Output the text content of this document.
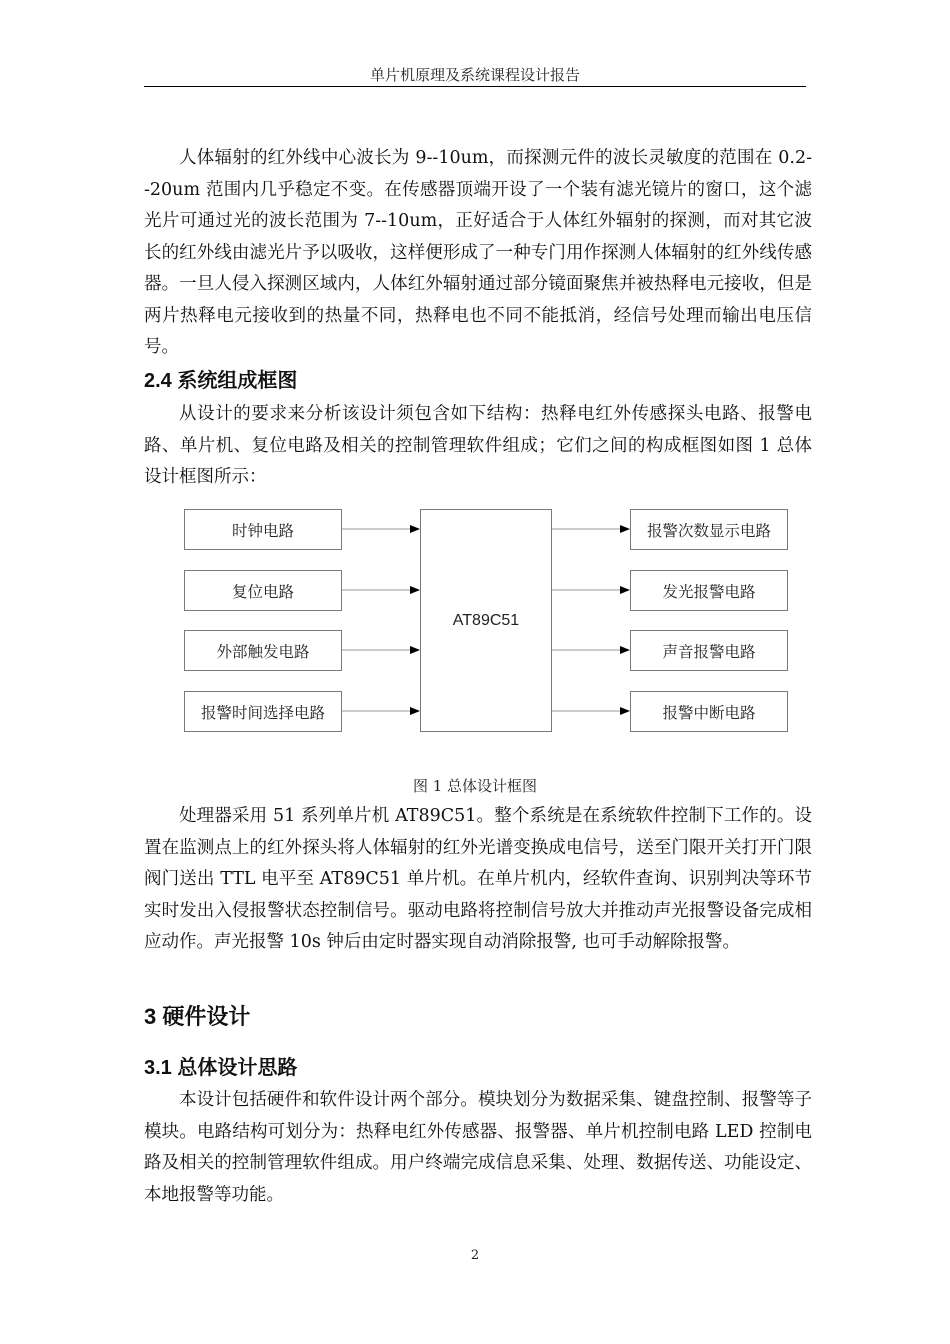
单片机原理及系统课程设计报告

人体辐射的红外线中心波长为 9--10um，而探测元件的波长灵敏度的范围在 0.2--20um 范围内几乎稳定不变。在传感器顶端开设了一个装有滤光镜片的窗口，这个滤光片可通过光的波长范围为 7--10um，正好适合于人体红外辐射的探测，而对其它波长的红外线由滤光片予以吸收，这样便形成了一种专门用作探测人体辐射的红外线传感器。一旦人侵入探测区域内，人体红外辐射通过部分镜面聚焦并被热释电元接收，但是两片热释电元接收到的热量不同，热释电也不同不能抵消，经信号处理而输出电压信号。

2.4 系统组成框图

从设计的要求来分析该设计须包含如下结构：热释电红外传感探头电路、报警电路、单片机、复位电路及相关的控制管理软件组成；它们之间的构成框图如图 1 总体设计框图所示：

时钟电路
复位电路
外部触发电路
报警时间选择电路
AT89C51
报警次数显示电路
发光报警电路
声音报警电路
报警中断电路
图 1 总体设计框图

处理器采用 51 系列单片机 AT89C51。整个系统是在系统软件控制下工作的。设置在监测点上的红外探头将人体辐射的红外光谱变换成电信号，送至门限开关打开门限阀门送出 TTL 电平至 AT89C51 单片机。在单片机内，经软件查询、识别判决等环节实时发出入侵报警状态控制信号。驱动电路将控制信号放大并推动声光报警设备完成相应动作。声光报警 10s 钟后由定时器实现自动消除报警, 也可手动解除报警。

3 硬件设计
3.1 总体设计思路

本设计包括硬件和软件设计两个部分。模块划分为数据采集、键盘控制、报警等子模块。电路结构可划分为：热释电红外传感器、报警器、单片机控制电路 LED 控制电路及相关的控制管理软件组成。用户终端完成信息采集、处理、数据传送、功能设定、本地报警等功能。

2
